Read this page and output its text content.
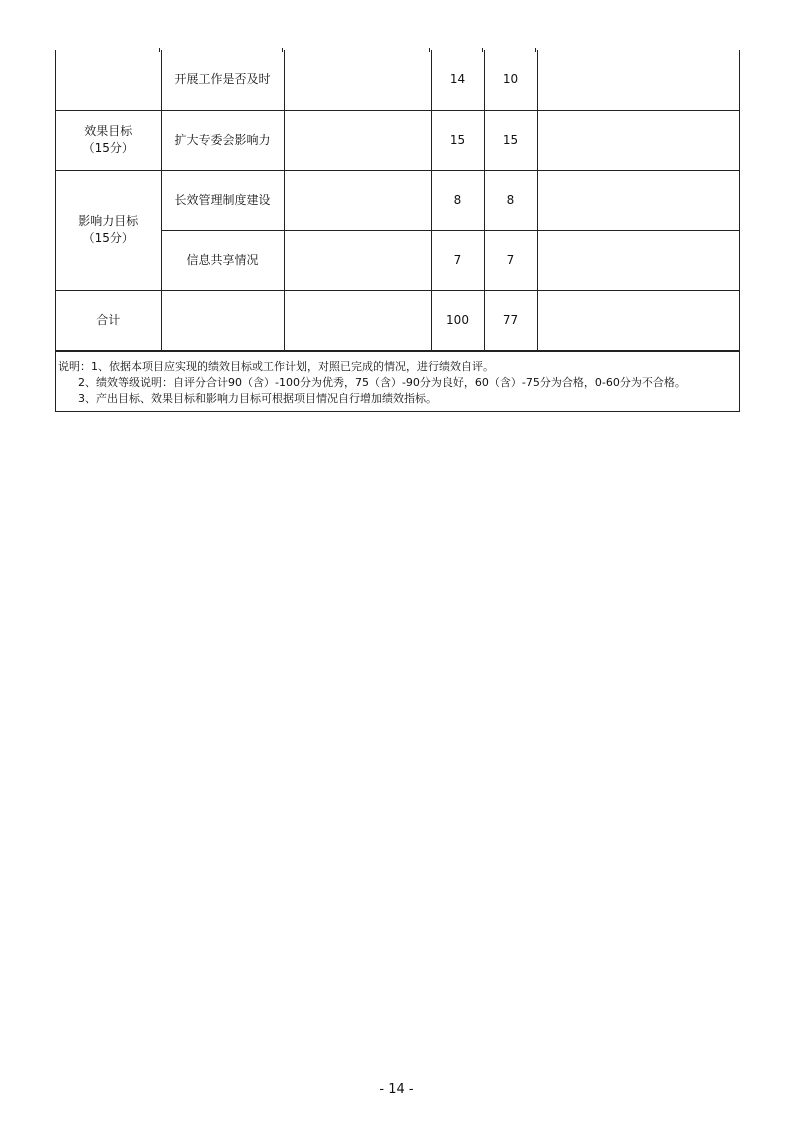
	开展工作是否及时		14	10	
效果目标
（15分）	扩大专委会影响力		15	15	
影响力目标
（15分）	长效管理制度建设		8	8	
	信息共享情况		7	7	
合计			100	77	
说明：1、依据本项目应实现的绩效目标或工作计划，对照已完成的情况，进行绩效自评。
2、绩效等级说明：自评分合计90（含）-100分为优秀，75（含）-90分为良好，60（含）-75分为合格，0-60分为不合格。
3、产出目标、效果目标和影响力目标可根据项目情况自行增加绩效指标。
- 14 -
